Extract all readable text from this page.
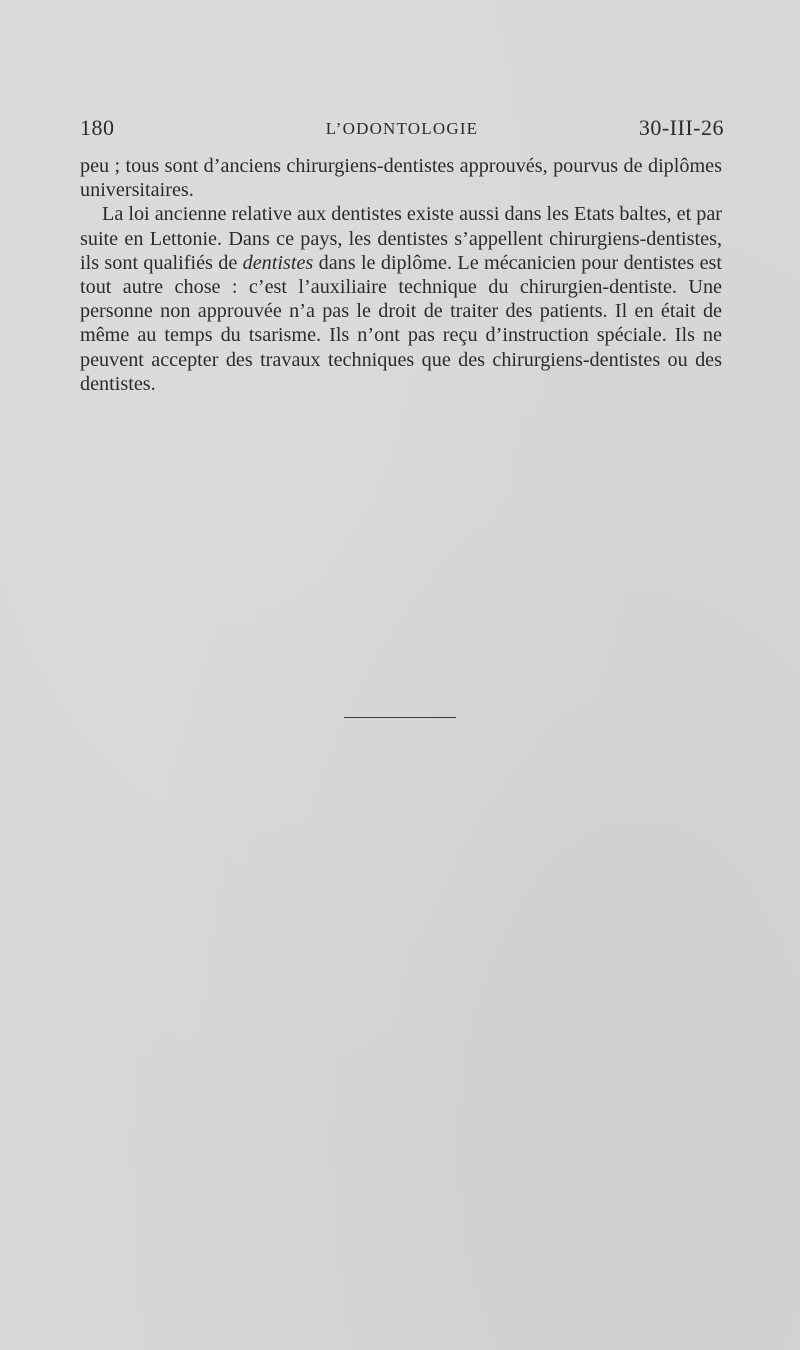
180	L’ODONTOLOGIE	30-III-26

peu ; tous sont d’anciens chirurgiens-dentistes approuvés, pourvus de diplômes universitaires.

La loi ancienne relative aux dentistes existe aussi dans les Etats baltes, et par suite en Lettonie. Dans ce pays, les dentistes s’appellent chirurgiens-dentistes, ils sont qualifiés de dentistes dans le diplôme. Le mécanicien pour dentistes est tout autre chose : c’est l’auxiliaire technique du chirurgien-dentiste. Une personne non approuvée n’a pas le droit de traiter des patients. Il en était de même au temps du tsarisme. Ils n’ont pas reçu d’instruction spéciale. Ils ne peuvent accepter des travaux techniques que des chirurgiens-dentistes ou des dentistes.
